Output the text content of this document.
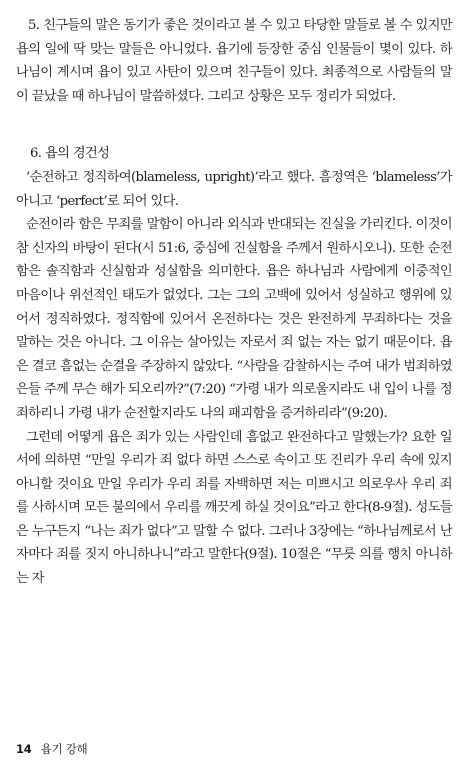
5. 친구들의 말은 동기가 좋은 것이라고 볼 수 있고 타당한 말들로 볼 수 있지만 욥의 일에 딱 맞는 말들은 아니었다. 욥기에 등장한 중심 인물들이 몇이 있다. 하나님이 계시며 욥이 있고 사탄이 있으며 친구들이 있다. 최종적으로 사람들의 말이 끝났을 때 하나님이 말씀하셨다. 그리고 상황은 모두 정리가 되었다.

6. 욥의 경건성

‘순전하고 정직하여(blameless, upright)’라고 했다. 흠정역은 ‘blameless’가 아니고 ‘perfect’로 되어 있다.

순전이라 함은 무죄를 말함이 아니라 외식과 반대되는 진실을 가리킨다. 이것이 참 신자의 바탕이 된다(시 51:6, 중심에 진실함을 주께서 원하시오니). 또한 순전함은 솔직함과 신실함과 성실함을 의미한다. 욥은 하나님과 사람에게 이중적인 마음이나 위선적인 태도가 없었다. 그는 그의 고백에 있어서 성실하고 행위에 있어서 정직하였다. 정직함에 있어서 온전하다는 것은 완전하게 무죄하다는 것을 말하는 것은 아니다. 그 이유는 살아있는 자로서 죄 없는 자는 없기 때문이다. 욥은 결코 흠없는 순결을 주장하지 않았다. “사람을 감찰하시는 주여 내가 범죄하였은들 주께 무슨 해가 되오리까?”(7:20) “가령 내가 의로울지라도 내 입이 나를 정죄하리니 가령 내가 순전할지라도 나의 패괴함을 증거하리라”(9:20).

그런데 어떻게 욥은 죄가 있는 사람인데 흠없고 완전하다고 말했는가? 요한 일서에 의하면 “만일 우리가 죄 없다 하면 스스로 속이고 또 진리가 우리 속에 있지 아니할 것이요 만일 우리가 우리 죄를 자백하면 저는 미쁘시고 의로우사 우리 죄를 사하시며 모든 불의에서 우리를 깨끗게 하실 것이요”라고 한다(8-9절). 성도들은 누구든지 “나는 죄가 없다”고 말할 수 없다. 그러나 3장에는 “하나님께로서 난 자마다 죄를 짓지 아니하나니”라고 말한다(9절). 10절은 “무릇 의를 행치 아니하는 자

14 욥기 강해
